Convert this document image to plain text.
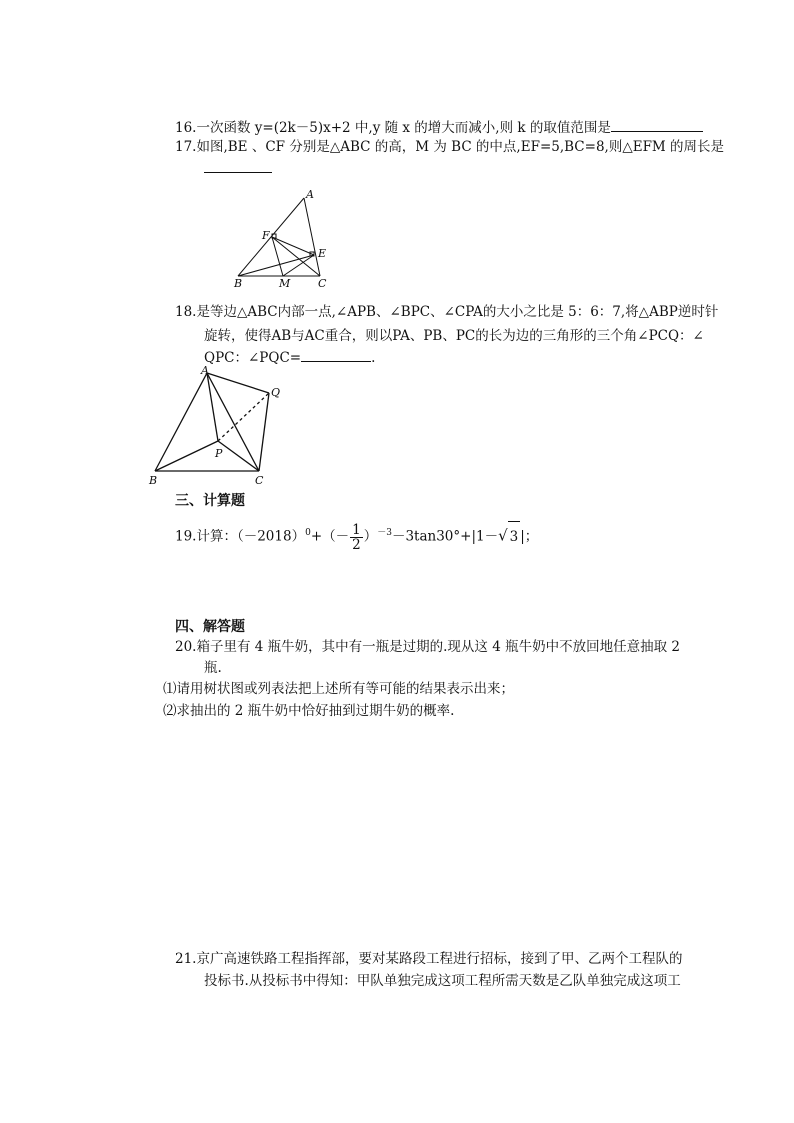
16.一次函数 y=(2k－5)x+2 中,y 随 x 的增大而减小,则 k 的取值范围是
17.如图,BE 、CF 分别是△ABC 的高，M 为 BC 的中点,EF=5,BC=8,则△EFM 的周长是
A
F
E
B	M	C
18.是等边△ABC内部一点,∠APB、∠BPC、∠CPA的大小之比是 5：6：7,将△ABP逆时针
旋转，使得AB与AC重合，则以PA、PB、PC的长为边的三角形的三个角∠PCQ：∠
QPC：∠PQC=	.
A
Q
P
B	C
三、计算题
19.计算：$(-2018)^0+(- \frac{1}{2} )^{-3}-3\tan 30^\circ+|1-√$ 3 |；
四、解答题
20.箱子里有 4 瓶牛奶，其中有一瓶是过期的.现从这 4 瓶牛奶中不放回地任意抽取 2
瓶.
⑴请用树状图或列表法把上述所有等可能的结果表示出来；
⑵求抽出的 2 瓶牛奶中恰好抽到过期牛奶的概率.
21.京广高速铁路工程指挥部，要对某路段工程进行招标，接到了甲、乙两个工程队的
投标书.从投标书中得知：甲队单独完成这项工程所需天数是乙队单独完成这项工
